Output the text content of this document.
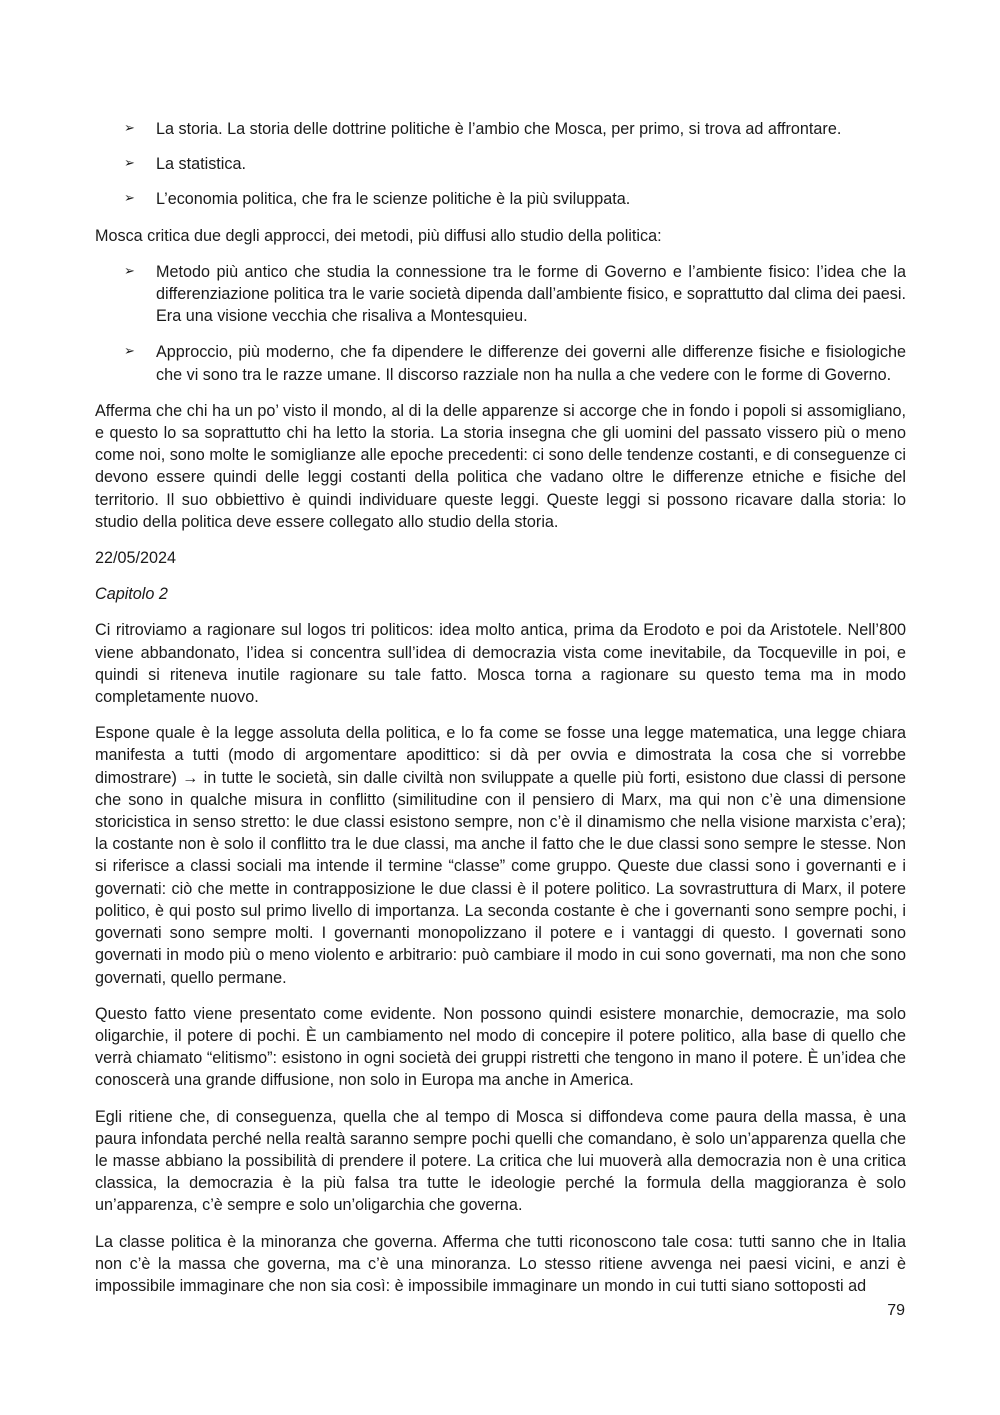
➢ La storia. La storia delle dottrine politiche è l’ambio che Mosca, per primo, si trova ad affrontare.
➢ La statistica.
➢ L’economia politica, che fra le scienze politiche è la più sviluppata.

Mosca critica due degli approcci, dei metodi, più diffusi allo studio della politica:

➢ Metodo più antico che studia la connessione tra le forme di Governo e l’ambiente fisico: l’idea che la differenziazione politica tra le varie società dipenda dall’ambiente fisico, e soprattutto dal clima dei paesi. Era una visione vecchia che risaliva a Montesquieu.
➢ Approccio, più moderno, che fa dipendere le differenze dei governi alle differenze fisiche e fisiologiche che vi sono tra le razze umane. Il discorso razziale non ha nulla a che vedere con le forme di Governo.

Afferma che chi ha un po’ visto il mondo, al di la delle apparenze si accorge che in fondo i popoli si assomigliano, e questo lo sa soprattutto chi ha letto la storia. La storia insegna che gli uomini del passato vissero più o meno come noi, sono molte le somiglianze alle epoche precedenti: ci sono delle tendenze costanti, e di conseguenze ci devono essere quindi delle leggi costanti della politica che vadano oltre le differenze etniche e fisiche del territorio. Il suo obbiettivo è quindi individuare queste leggi. Queste leggi si possono ricavare dalla storia: lo studio della politica deve essere collegato allo studio della storia.

22/05/2024

Capitolo 2

Ci ritroviamo a ragionare sul logos tri politicos: idea molto antica, prima da Erodoto e poi da Aristotele. Nell’800 viene abbandonato, l’idea si concentra sull’idea di democrazia vista come inevitabile, da Tocqueville in poi, e quindi si riteneva inutile ragionare su tale fatto. Mosca torna a ragionare su questo tema ma in modo completamente nuovo.

Espone quale è la legge assoluta della politica, e lo fa come se fosse una legge matematica, una legge chiara manifesta a tutti (modo di argomentare apodittico: si dà per ovvia e dimostrata la cosa che si vorrebbe dimostrare) → in tutte le società, sin dalle civiltà non sviluppate a quelle più forti, esistono due classi di persone che sono in qualche misura in conflitto (similitudine con il pensiero di Marx, ma qui non c’è una dimensione storicistica in senso stretto: le due classi esistono sempre, non c’è il dinamismo che nella visione marxista c’era); la costante non è solo il conflitto tra le due classi, ma anche il fatto che le due classi sono sempre le stesse. Non si riferisce a classi sociali ma intende il termine “classe” come gruppo. Queste due classi sono i governanti e i governati: ciò che mette in contrapposizione le due classi è il potere politico. La sovrastruttura di Marx, il potere politico, è qui posto sul primo livello di importanza. La seconda costante è che i governanti sono sempre pochi, i governati sono sempre molti. I governanti monopolizzano il potere e i vantaggi di questo. I governati sono governati in modo più o meno violento e arbitrario: può cambiare il modo in cui sono governati, ma non che sono governati, quello permane.

Questo fatto viene presentato come evidente. Non possono quindi esistere monarchie, democrazie, ma solo oligarchie, il potere di pochi. È un cambiamento nel modo di concepire il potere politico, alla base di quello che verrà chiamato “elitismo”: esistono in ogni società dei gruppi ristretti che tengono in mano il potere. È un’idea che conoscerà una grande diffusione, non solo in Europa ma anche in America.

Egli ritiene che, di conseguenza, quella che al tempo di Mosca si diffondeva come paura della massa, è una paura infondata perché nella realtà saranno sempre pochi quelli che comandano, è solo un’apparenza quella che le masse abbiano la possibilità di prendere il potere. La critica che lui muoverà alla democrazia non è una critica classica, la democrazia è la più falsa tra tutte le ideologie perché la formula della maggioranza è solo un’apparenza, c’è sempre e solo un’oligarchia che governa.

La classe politica è la minoranza che governa. Afferma che tutti riconoscono tale cosa: tutti sanno che in Italia non c’è la massa che governa, ma c’è una minoranza. Lo stesso ritiene avvenga nei paesi vicini, e anzi è impossibile immaginare che non sia così: è impossibile immaginare un mondo in cui tutti siano sottoposti ad

79
